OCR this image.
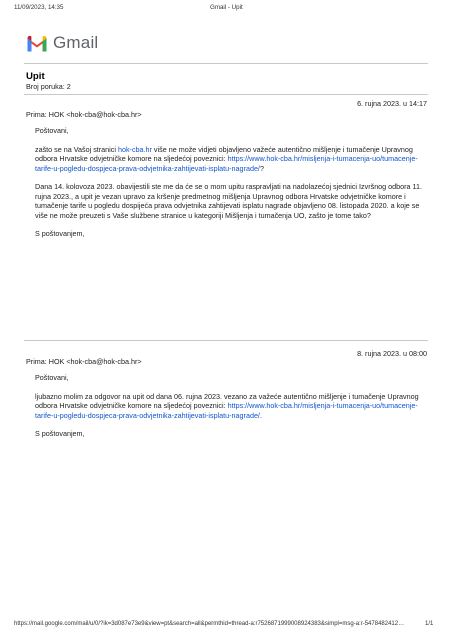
11/09/2023, 14:35	Gmail - Upit
Gmail
Upit
Broj poruka: 2
6. rujna 2023. u 14:17
Prima: HOK <hok-cba@hok-cba.hr>

Poštovani,

zašto se na Vašoj stranici hok-cba.hr više ne može vidjeti objavljeno važeće autentično mišljenje i tumačenje Upravnog odbora Hrvatske odvjetničke komore na sljedećoj poveznici: https://www.hok-cba.hr/misljenja-i-tumacenja-uo/tumacenje-tarife-u-pogledu-dospjeca-prava-odvjetnika-zahtijevati-isplatu-nagrade/?

Dana 14. kolovoza 2023. obavijestili ste me da će se o mom upitu raspravljati na nadolazećoj sjednici Izvršnog odbora 11. rujna 2023., a upit je vezan upravo za kršenje predmetnog mišljenja Upravnog odbora Hrvatske odvjetničke komore i tumačenje tarife u pogledu dospijeća prava odvjetnika zahtijevati isplatu nagrade objavljeno 08. listopada 2020. a koje se više ne može preuzeti s Vaše službene stranice u kategoriji Mišljenja i tumačenja UO, zašto je tome tako?

S poštovanjem,

8. rujna 2023. u 08:00
Prima: HOK <hok-cba@hok-cba.hr>

Poštovani,

ljubazno molim za odgovor na upit od dana 06. rujna 2023. vezano za važeće autentično mišljenje i tumačenje Upravnog odbora Hrvatske odvjetničke komore na sljedećoj poveznici: https://www.hok-cba.hr/misljenja-i-tumacenja-uo/tumacenje-tarife-u-pogledu-dospjeca-prava-odvjetnika-zahtijevati-isplatu-nagrade/.

S poštovanjem,

https://mail.google.com/mail/u/0/?ik=3d087e73e9&view=pt&search=all&permthid=thread-a:r7526871999008924383&simpl=msg-a:r-5478482412…	1/1
